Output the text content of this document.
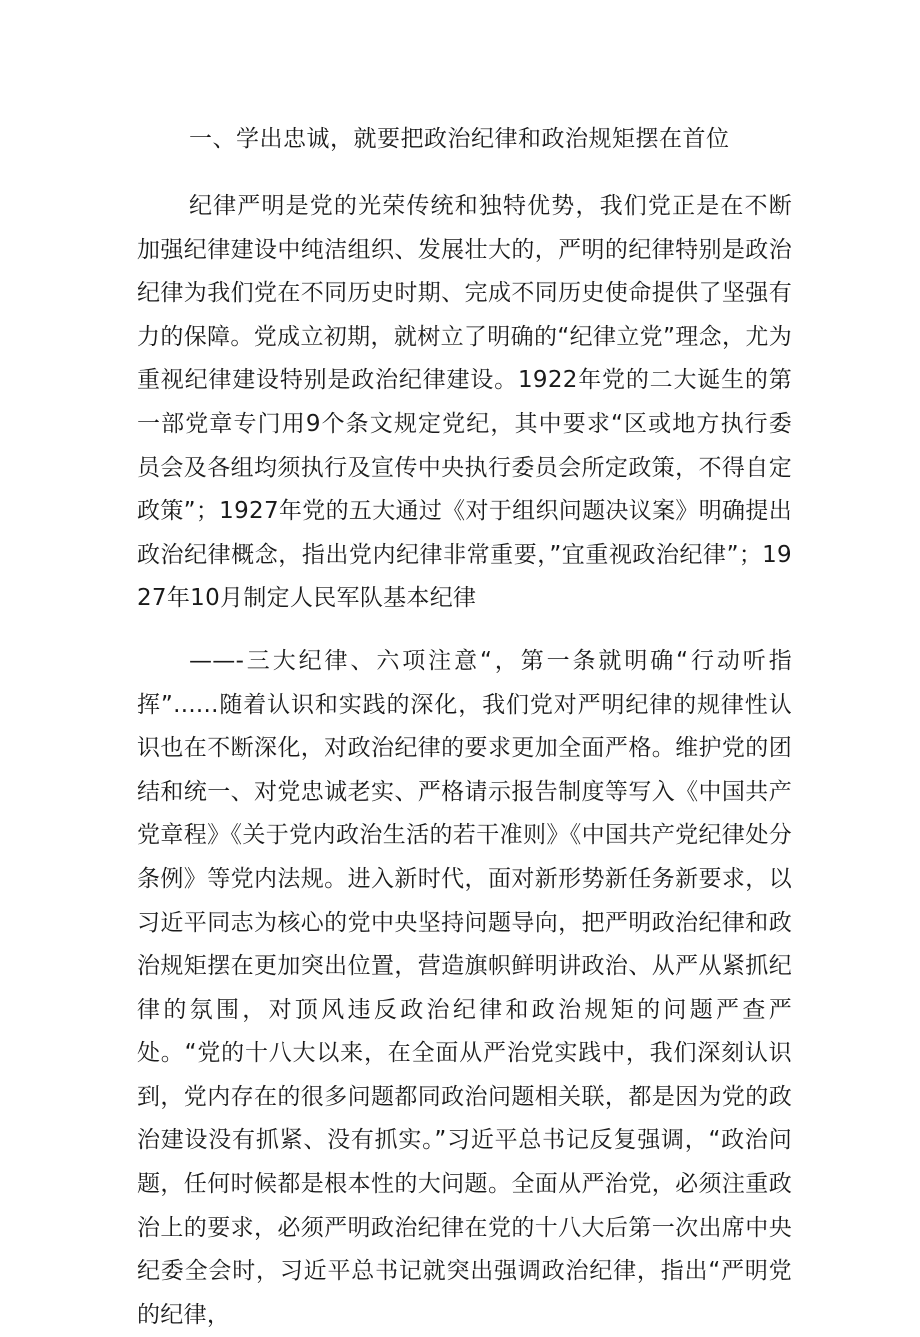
一、学出忠诚，就要把政治纪律和政治规矩摆在首位

纪律严明是党的光荣传统和独特优势，我们党正是在不断加强纪律建设中纯洁组织、发展壮大的，严明的纪律特别是政治纪律为我们党在不同历史时期、完成不同历史使命提供了坚强有力的保障。党成立初期，就树立了明确的“纪律立党”理念，尤为重视纪律建设特别是政治纪律建设。1922年党的二大诞生的第一部党章专门用9个条文规定党纪，其中要求“区或地方执行委员会及各组均须执行及宣传中央执行委员会所定政策，不得自定政策”；1927年党的五大通过《对于组织问题决议案》明确提出政治纪律概念，指出党内纪律非常重要，”宜重视政治纪律”；1927年10月制定人民军队基本纪律

——-三大纪律、六项注意“，第一条就明确“行动听指挥”......随着认识和实践的深化，我们党对严明纪律的规律性认识也在不断深化，对政治纪律的要求更加全面严格。维护党的团结和统一、对党忠诚老实、严格请示报告制度等写入《中国共产党章程》《关于党内政治生活的若干准则》《中国共产党纪律处分条例》等党内法规。进入新时代，面对新形势新任务新要求，以习近平同志为核心的党中央坚持问题导向，把严明政治纪律和政治规矩摆在更加突出位置，营造旗帜鲜明讲政治、从严从紧抓纪律的氛围，对顶风违反政治纪律和政治规矩的问题严查严处。“党的十八大以来，在全面从严治党实践中，我们深刻认识到，党内存在的很多问题都同政治问题相关联，都是因为党的政治建设没有抓紧、没有抓实。”习近平总书记反复强调，“政治问题，任何时候都是根本性的大问题。全面从严治党，必须注重政治上的要求，必须严明政治纪律在党的十八大后第一次出席中央纪委全会时，习近平总书记就突出强调政治纪律，指出“严明党的纪律，
